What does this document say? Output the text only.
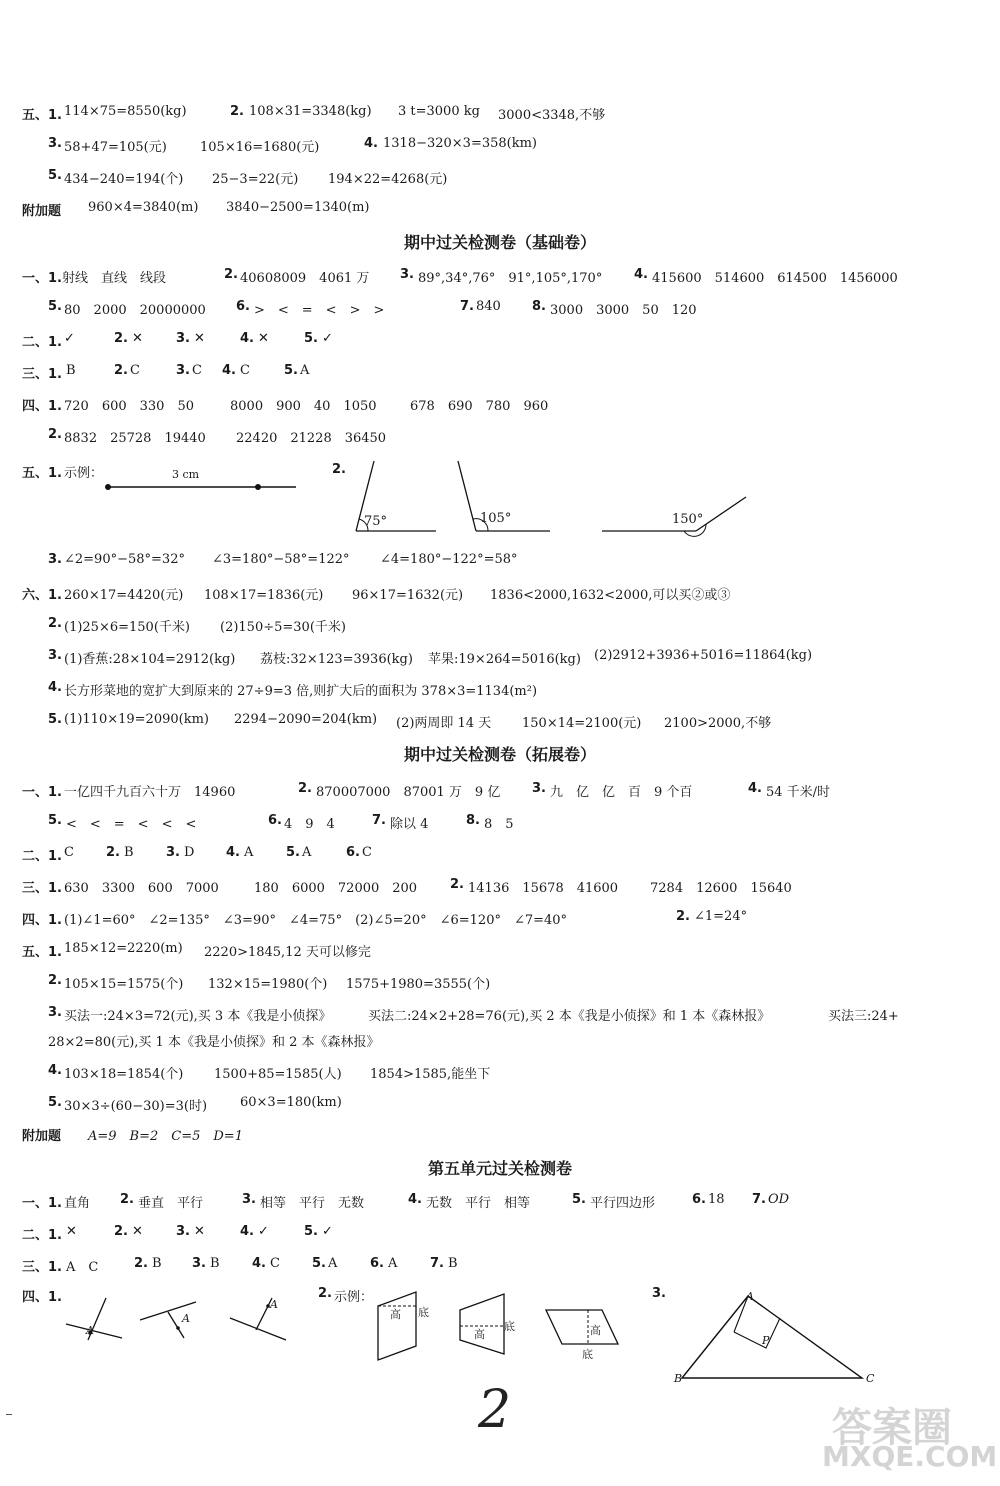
五、1. 114×75=8550(kg)	2. 108×31=3348(kg) 3 t=3000 kg 3000<3348,不够
3. 58+47=105(元)	105×16=1680(元)	4. 1318−320×3=358(km)
5. 434−240=194(个) 25−3=22(元) 194×22=4268(元)
附加题 960×4=3840(m) 3840−2500=1340(m)
期中过关检测卷（基础卷）
一、1. 射线　直线　线段	2. 40608009　4061 万 3. 89°,34°,76°　91°,105°,170° 4. 415600　514600　614500　1456000
5. 80　2000　20000000 6. >　<　=　<　>　>	7. 840 8. 3000　3000　50　120
二、1. ✓	2. ✕	3. ✕	4. ✕	5. ✓
三、1. B	2. C	3. C 4. C	5. A
四、1. 720　600　330　50	8000　900　40　1050	678　690　780　960
2. 8832　25728　19440 22420　21228　36450
五、1. 示例：	3 cm	2.
75°	105°	150°
3. ∠2=90°−58°=32° ∠3=180°−58°=122° ∠4=180°−122°=58°
六、1. 260×17=4420(元) 108×17=1836(元) 96×17=1632(元) 1836<2000,1632<2000,可以买②或③
2. (1)25×6=150(千米) (2)150÷5=30(千米)
3. (1)香蕉:28×104=2912(kg) 荔枝:32×123=3936(kg) 苹果:19×264=5016(kg) (2)2912+3936+5016=11864(kg)
4. 长方形菜地的宽扩大到原来的 27÷9=3 倍,则扩大后的面积为 378×3=1134(m²)
5. (1)110×19=2090(km) 2294−2090=204(km) (2)两周即 14 天 150×14=2100(元) 2100>2000,不够
期中过关检测卷（拓展卷）
一、1. 一亿四千九百六十万　14960	2. 870007000　87001 万　9 亿 3. 九　亿　亿　百　9 个百	4. 54 千米/时
5. <　<　=　<　<　<	6. 4　9　4	7. 除以 4	8. 8　5
二、1. C 2. B 3. D 4. A	5. A	6. C
三、1. 630　3300　600　7000	180　6000　72000　200	2. 14136　15678　41600 7284　12600　15640
四、1. (1)∠1=60°　∠2=135°　∠3=90°　∠4=75°　(2)∠5=20°　∠6=120°　∠7=40°	2. ∠1=24°
五、1. 185×12=2220(m) 2220>1845,12 天可以修完
2. 105×15=1575(个) 132×15=1980(个) 1575+1980=3555(个)
3. 买法一:24×3=72(元),买 3 本《我是小侦探》	买法二:24×2+28=76(元),买 2 本《我是小侦探》和 1 本《森林报》	买法三:24+
28×2=80(元),买 1 本《我是小侦探》和 2 本《森林报》
4. 103×18=1854(个) 1500+85=1585(人) 1854>1585,能坐下
5. 30×3÷(60−30)=3(时)	60×3=180(km)
附加题 A=9　B=2　C=5　D=1
第五单元过关检测卷
一、1. 直角 2. 垂直　平行	3. 相等　平行　无数	4. 无数　平行　相等	5. 平行四边形	6. 18 7. OD
二、1. ✕	2. ✕	3. ✕	4. ✓	5. ✓
三、1. A　C	2. B 3. B 4. C 5. A	6. A	7. B
四、1.	2. 示例：	3.
A
A
A
高 底
高
底	高
底
A
B	C
P
2	答案圈
MXQE.COM
